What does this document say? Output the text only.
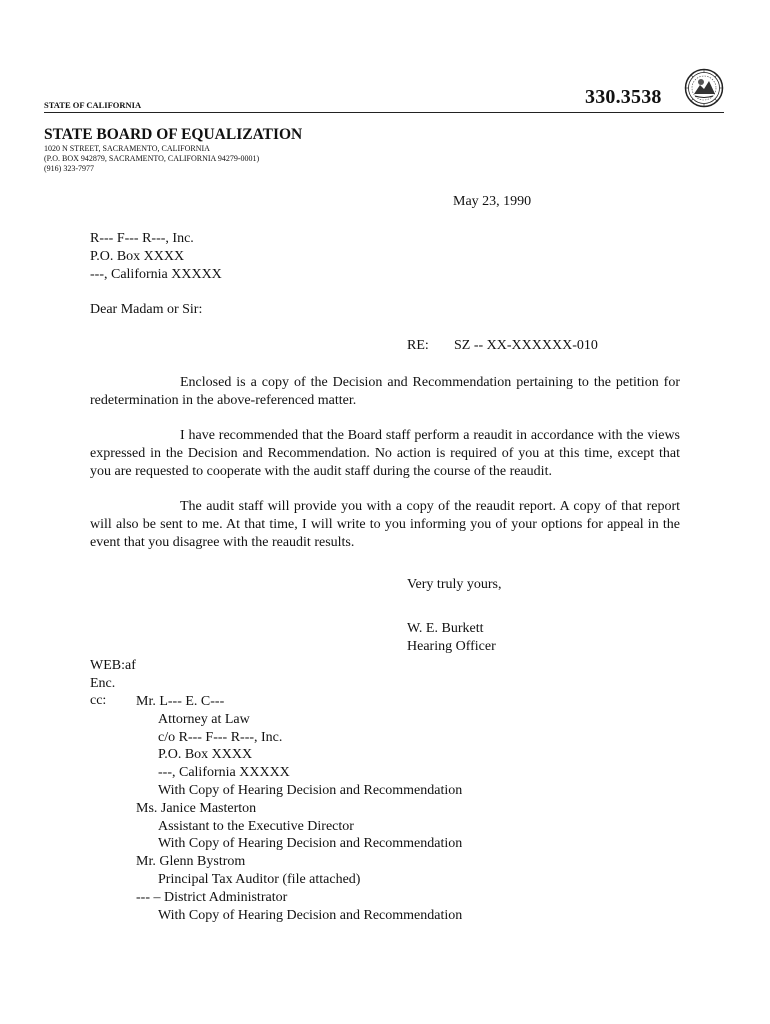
330.3538
STATE OF CALIFORNIA
STATE BOARD OF EQUALIZATION
1020 N STREET, SACRAMENTO, CALIFORNIA
(P.O. BOX 942879, SACRAMENTO, CALIFORNIA 94279-0001)
(916) 323-7977
May 23, 1990
R--- F--- R---, Inc.
P.O. Box XXXX
---, California XXXXX
Dear Madam or Sir:
RE: SZ -- XX-XXXXXX-010
Enclosed is a copy of the Decision and Recommendation pertaining to the petition for redetermination in the above-referenced matter.
I have recommended that the Board staff perform a reaudit in accordance with the views expressed in the Decision and Recommendation. No action is required of you at this time, except that you are requested to cooperate with the audit staff during the course of the reaudit.
The audit staff will provide you with a copy of the reaudit report. A copy of that report will also be sent to me. At that time, I will write to you informing you of your options for appeal in the event that you disagree with the reaudit results.
Very truly yours,
W. E. Burkett
Hearing Officer
WEB:af
Enc.
cc: Mr. L--- E. C---
Attorney at Law
c/o R--- F--- R---, Inc.
P.O. Box XXXX
---, California XXXXX
With Copy of Hearing Decision and Recommendation
Ms. Janice Masterton
Assistant to the Executive Director
With Copy of Hearing Decision and Recommendation
Mr. Glenn Bystrom
Principal Tax Auditor (file attached)
--- – District Administrator
With Copy of Hearing Decision and Recommendation
